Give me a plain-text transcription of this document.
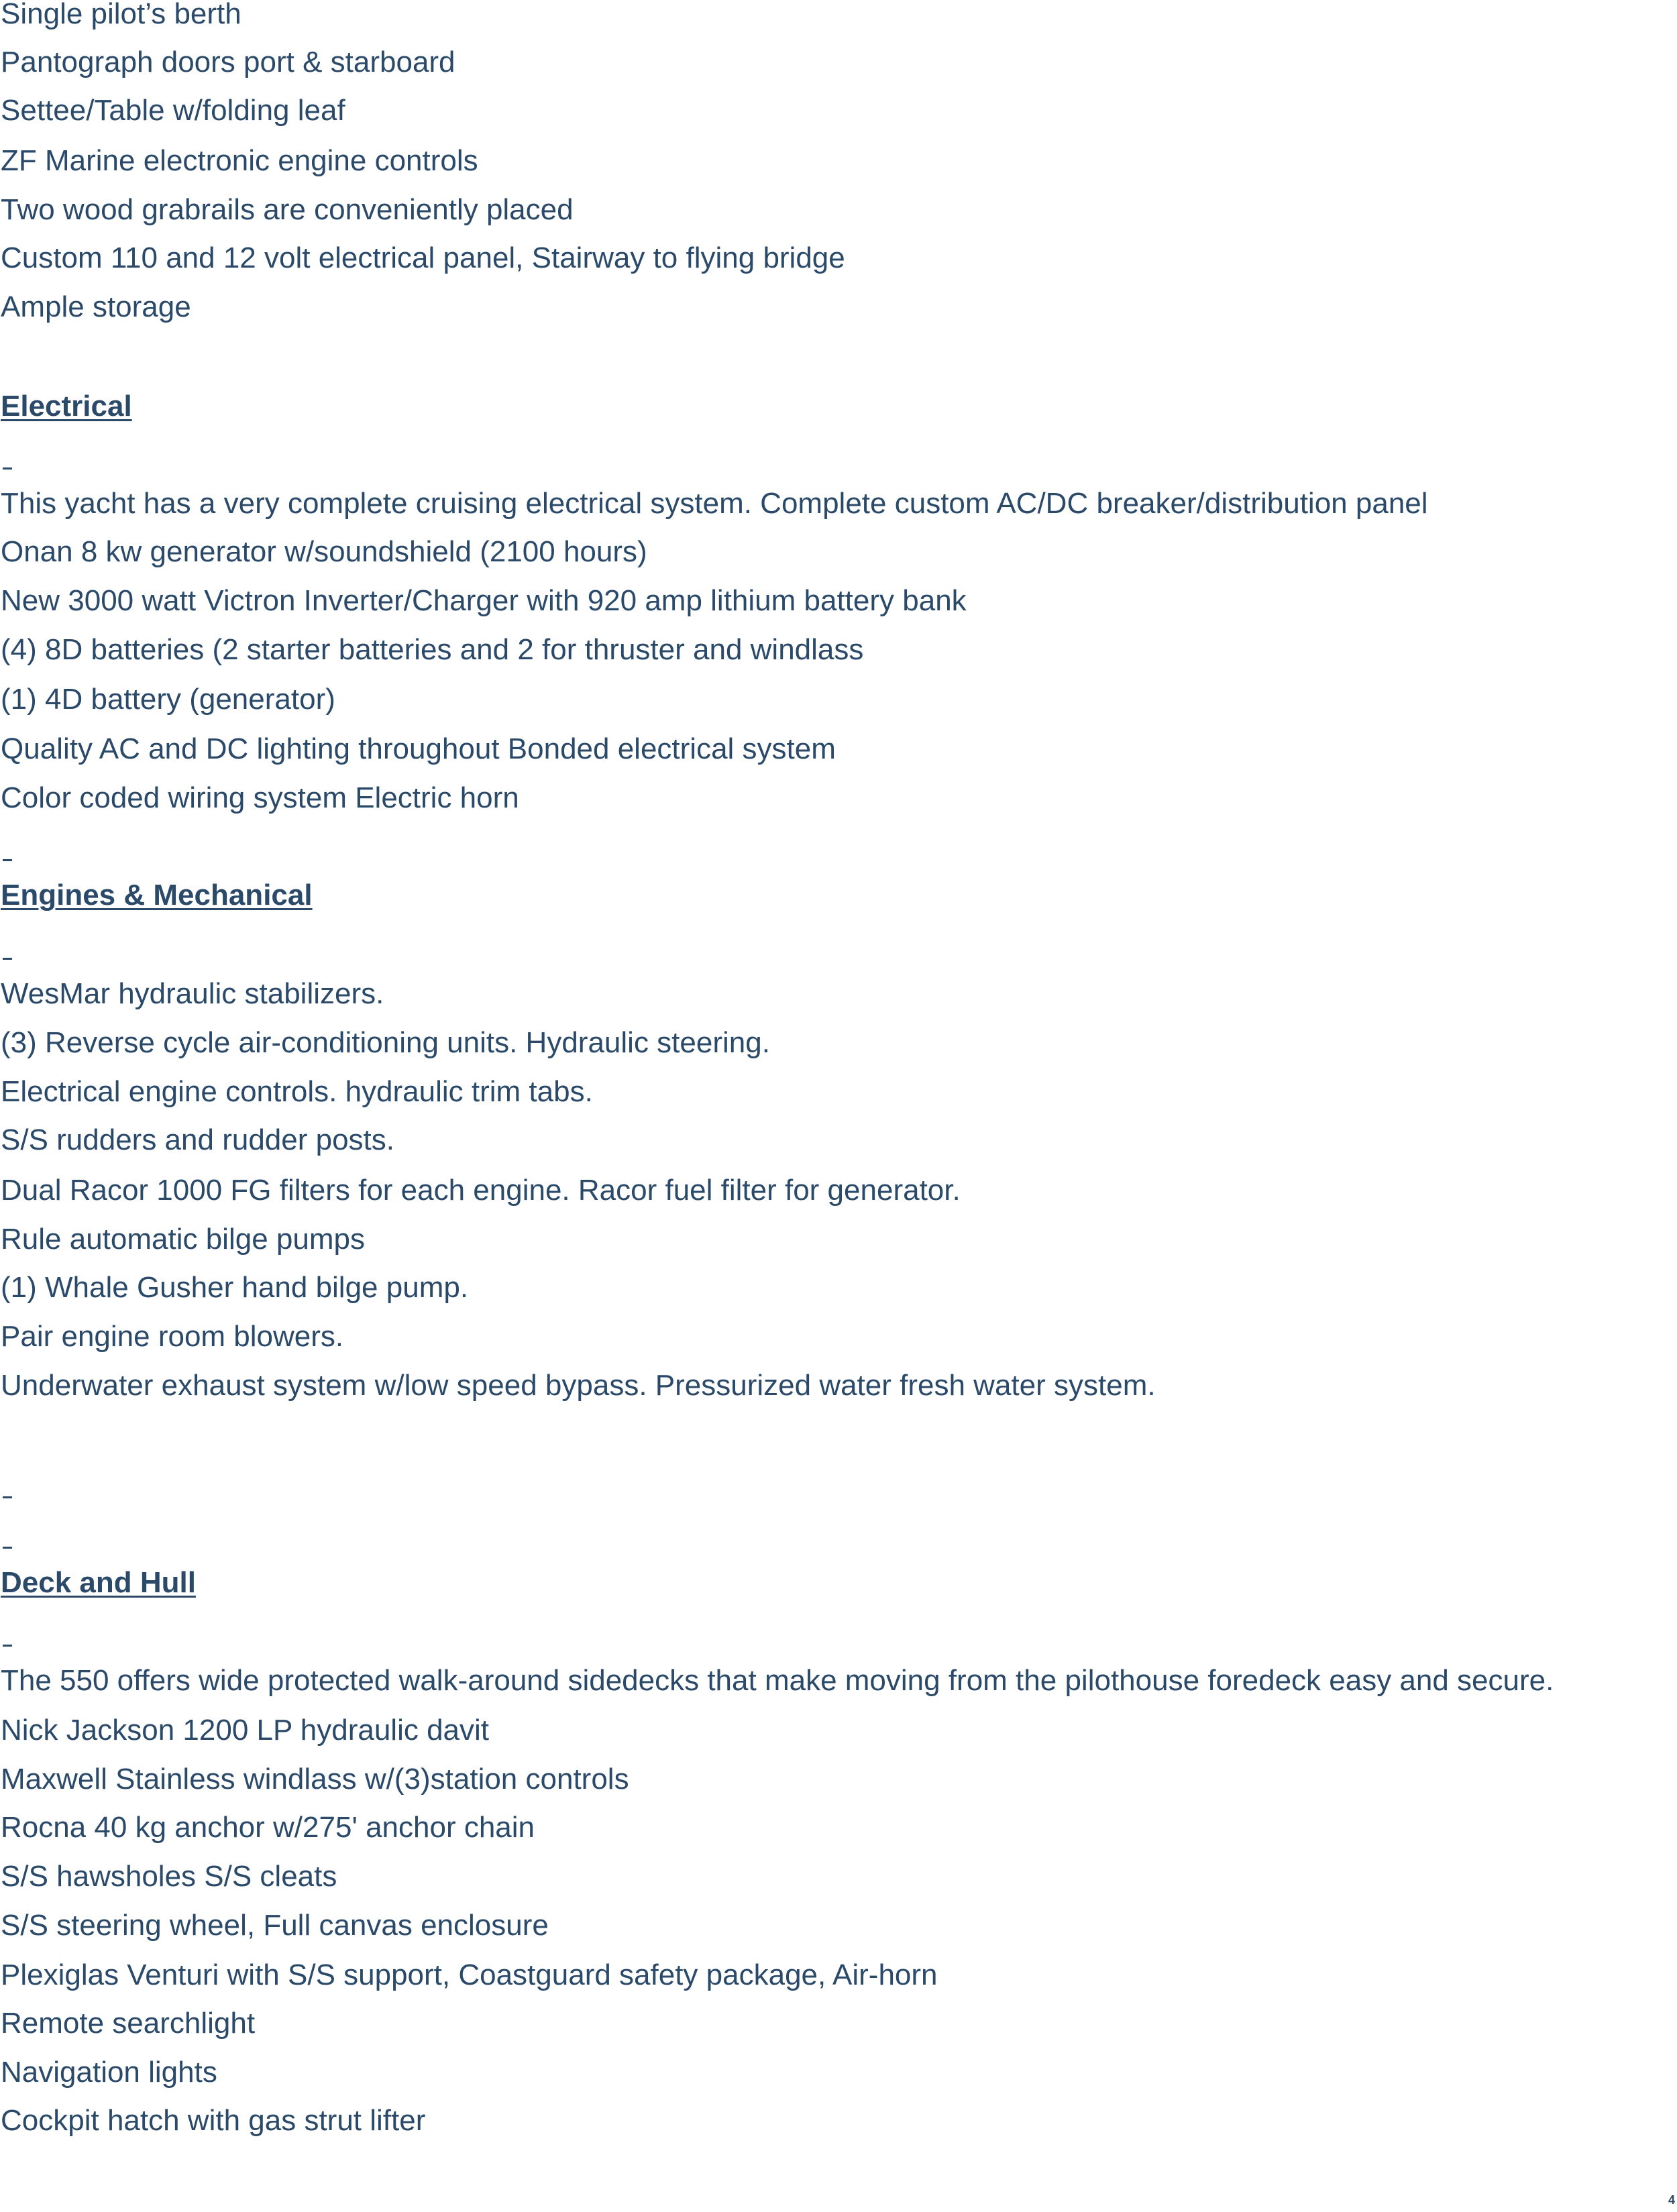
Single pilot’s berth
Pantograph doors port & starboard
Settee/Table w/folding leaf
ZF Marine electronic engine controls
Two wood grabrails are conveniently placed
Custom 110 and 12 volt electrical panel, Stairway to flying bridge
Ample storage
Electrical
This yacht has a very complete cruising electrical system. Complete custom AC/DC breaker/distribution panel
Onan 8 kw generator w/soundshield (2100 hours)
New 3000 watt Victron Inverter/Charger with 920 amp lithium battery bank
(4) 8D batteries (2 starter batteries and 2 for thruster and windlass
(1) 4D battery (generator)
Quality AC and DC lighting throughout Bonded electrical system
Color coded wiring system Electric horn
Engines & Mechanical
WesMar hydraulic stabilizers.
(3) Reverse cycle air-conditioning units. Hydraulic steering.
Electrical engine controls. hydraulic trim tabs.
S/S rudders and rudder posts.
Dual Racor 1000 FG filters for each engine. Racor fuel filter for generator.
Rule automatic bilge pumps
(1) Whale Gusher hand bilge pump.
Pair engine room blowers.
Underwater exhaust system w/low speed bypass. Pressurized water fresh water system.
Deck and Hull
The 550 offers wide protected walk-around sidedecks that make moving from the pilothouse foredeck easy and secure.
Nick Jackson 1200 LP hydraulic davit
Maxwell Stainless windlass w/(3)station controls
Rocna 40 kg anchor w/275' anchor chain
S/S hawsholes S/S cleats
S/S steering wheel, Full canvas enclosure
Plexiglas Venturi with S/S support, Coastguard safety package, Air-horn
Remote searchlight
Navigation lights
Cockpit hatch with gas strut lifter
4
